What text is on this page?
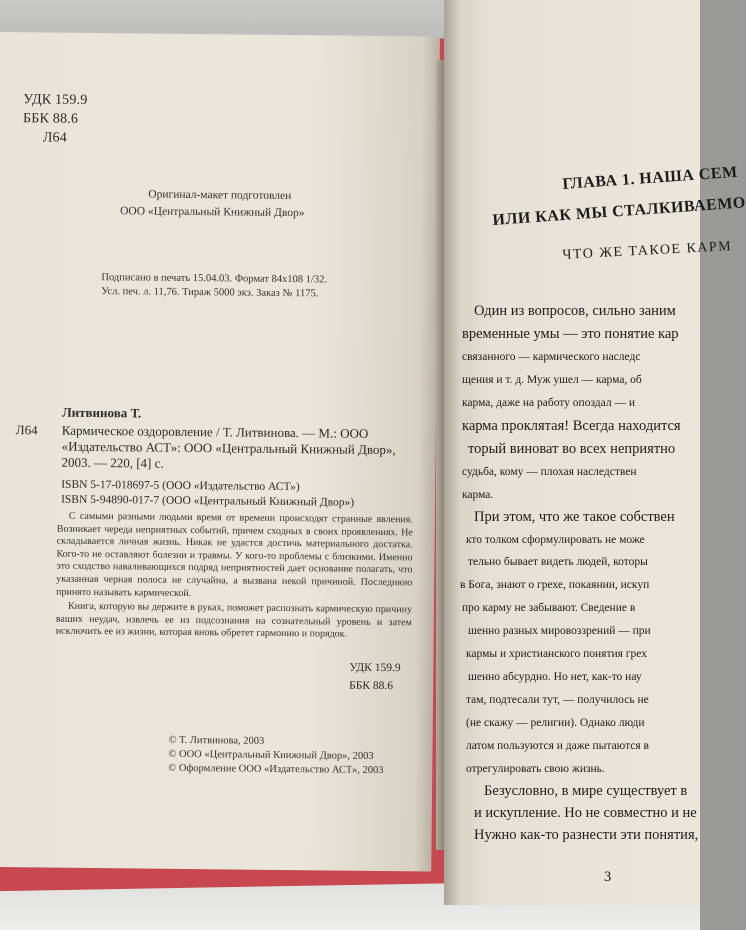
УДК 159.9
ББК 88.6
Л64
Оригинал-макет подготовлен
ООО «Центральный Книжный Двор»
Подписано в печать 15.04.03. Формат 84х108 1/32.
Усл. печ. л. 11,76. Тираж 5000 экз. Заказ № 1175.
Литвинова Т.
Л64 Кармическое оздоровление / Т. Литвинова. — М.: ООО
«Издательство АСТ»: ООО «Центральный Книжный Двор»,
2003. — 220, [4] с.
ISBN 5-17-018697-5 (ООО «Издательство АСТ»)
ISBN 5-94890-017-7 (ООО «Центральный Книжный Двор»)

С самыми разными людьми время от времени происходят странные явления. Возникает череда неприятных событий, причем сходных в своих проявлениях. Не складывается личная жизнь. Никак не удастся достичь материального достатка. Кого-то не оставляют болезни и травмы. У кого-то проблемы с близкими. Именно это сходство наваливающихся подряд неприятностей дает основание полагать, что указанная черная полоса не случайна, а вызвана некой причиной. Последнюю принято называть кармической.

Книга, которую вы держите в руках, поможет распознать кармическую причину ваших неудач, извлечь ее из подсознания на сознательный уровень и затем исключить ее из жизни, которая вновь обретет гармонию и порядок.

УДК 159.9
ББК 88.6
© Т. Литвинова, 2003
© ООО «Центральный Книжный Двор», 2003
© Оформление ООО «Издательство АСТ», 2003
ГЛАВА 1. НАША СЕМ
ИЛИ КАК МЫ СТАЛКИВАЕМО
ЧТО ЖЕ ТАКОЕ КАРМ
Один из вопросов, сильно заним
временные умы — это понятие кар
связанного — кармического наследс
щения и т. д. Муж ушел — карма, об
карма, даже на работу опоздал — и
карма проклятая! Всегда находится
торый виноват во всех неприятно
судьба, кому — плохая наследствен
карма.
При этом, что же такое собствен
кто толком сформулировать не може
тельно бывает видеть людей, которы
в Бога, знают о грехе, покаянии, искуп
про карму не забывают. Сведение в
шенно разных мировоззрений — при
кармы и христианского понятия грех
шенно абсурдно. Но нет, как-то нау
там, подтесали тут, — получилось не
(не скажу — религии). Однако люди
латом пользуются и даже пытаются в
отрегулировать свою жизнь.
Безусловно, в мире существует в
и искупление. Но не совместно и не
Нужно как-то разнести эти понятия,
3
